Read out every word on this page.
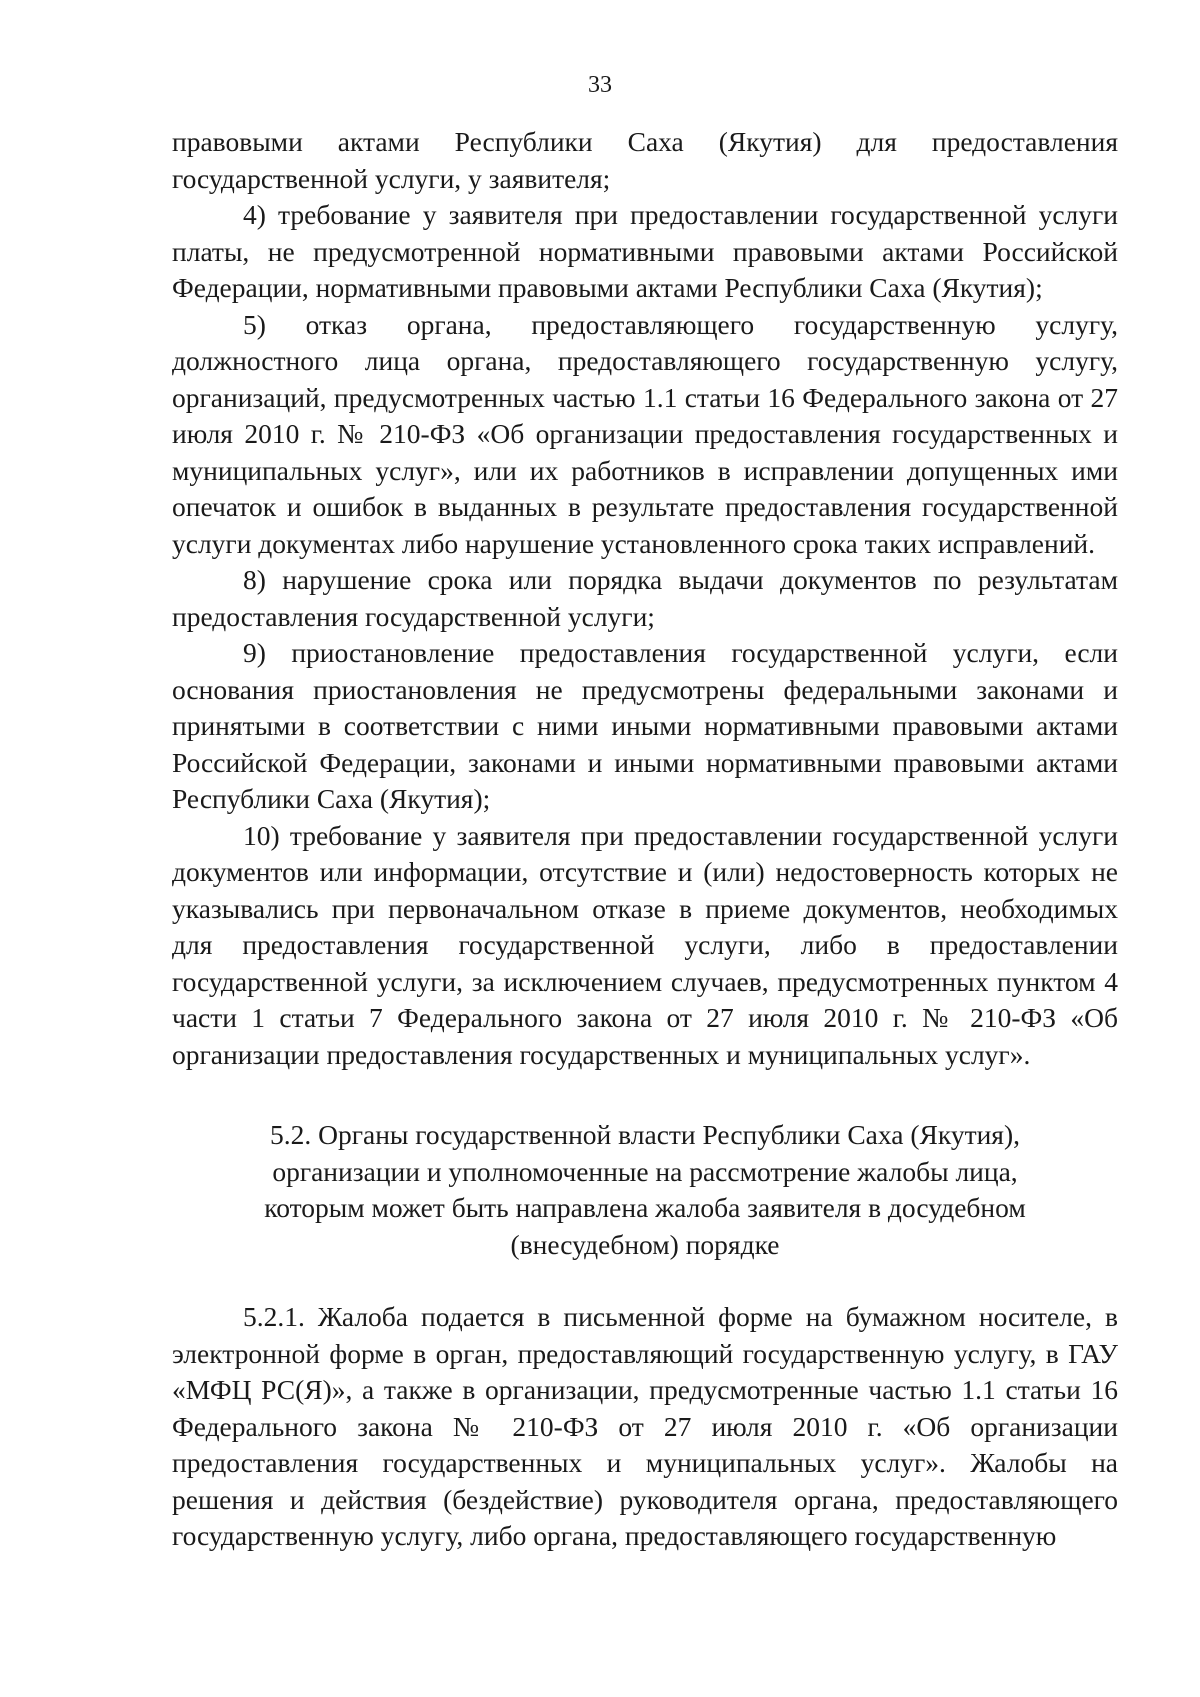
33

правовыми актами Республики Саха (Якутия) для предоставления государственной услуги, у заявителя;

4) требование у заявителя при предоставлении государственной услуги платы, не предусмотренной нормативными правовыми актами Российской Федерации, нормативными правовыми актами Республики Саха (Якутия);

5) отказ органа, предоставляющего государственную услугу, должностного лица органа, предоставляющего государственную услугу, организаций, предусмотренных частью 1.1 статьи 16 Федерального закона от 27 июля 2010 г. № 210-ФЗ «Об организации предоставления государственных и муниципальных услуг», или их работников в исправлении допущенных ими опечаток и ошибок в выданных в результате предоставления государственной услуги документах либо нарушение установленного срока таких исправлений.

8) нарушение срока или порядка выдачи документов по результатам предоставления государственной услуги;

9) приостановление предоставления государственной услуги, если основания приостановления не предусмотрены федеральными законами и принятыми в соответствии с ними иными нормативными правовыми актами Российской Федерации, законами и иными нормативными правовыми актами Республики Саха (Якутия);

10) требование у заявителя при предоставлении государственной услуги документов или информации, отсутствие и (или) недостоверность которых не указывались при первоначальном отказе в приеме документов, необходимых для предоставления государственной услуги, либо в предоставлении государственной услуги, за исключением случаев, предусмотренных пунктом 4 части 1 статьи 7 Федерального закона от 27 июля 2010 г. № 210-ФЗ «Об организации предоставления государственных и муниципальных услуг».

5.2. Органы государственной власти Республики Саха (Якутия),
организации и уполномоченные на рассмотрение жалобы лица,
которым может быть направлена жалоба заявителя в досудебном
(внесудебном) порядке

5.2.1. Жалоба подается в письменной форме на бумажном носителе, в электронной форме в орган, предоставляющий государственную услугу, в ГАУ «МФЦ РС(Я)», а также в организации, предусмотренные частью 1.1 статьи 16 Федерального закона № 210-ФЗ от 27 июля 2010 г. «Об организации предоставления государственных и муниципальных услуг». Жалобы на решения и действия (бездействие) руководителя органа, предоставляющего государственную услугу, либо органа, предоставляющего государственную
